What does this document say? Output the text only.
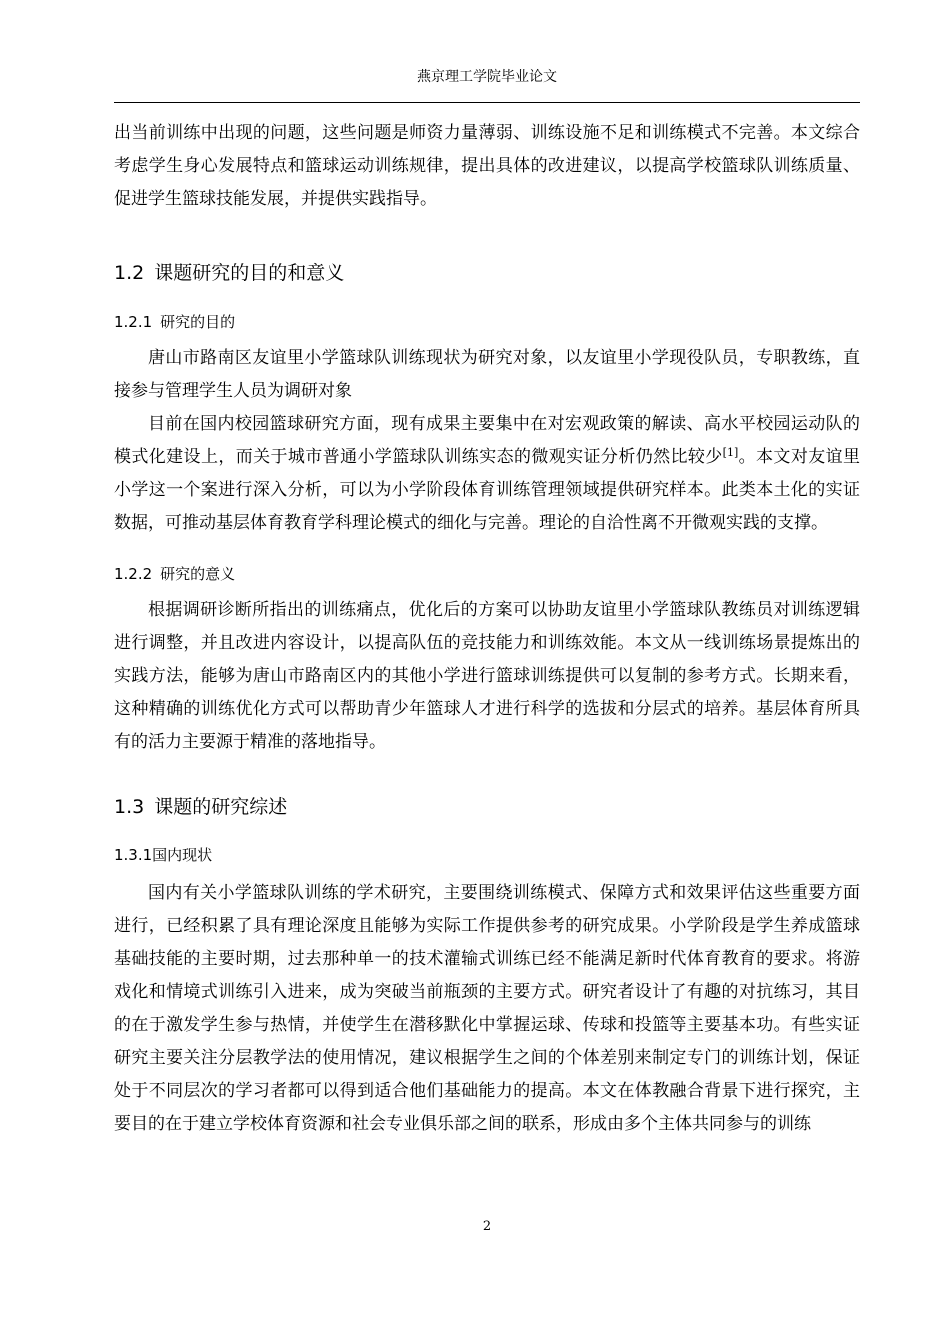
燕京理工学院毕业论文

出当前训练中出现的问题，这些问题是师资力量薄弱、训练设施不足和训练模式不完善。本文综合考虑学生身心发展特点和篮球运动训练规律，提出具体的改进建议，以提高学校篮球队训练质量、促进学生篮球技能发展，并提供实践指导。

1.2 课题研究的目的和意义
1.2.1 研究的目的

唐山市路南区友谊里小学篮球队训练现状为研究对象，以友谊里小学现役队员，专职教练，直接参与管理学生人员为调研对象

目前在国内校园篮球研究方面，现有成果主要集中在对宏观政策的解读、高水平校园运动队的模式化建设上，而关于城市普通小学篮球队训练实态的微观实证分析仍然比较少[1]。本文对友谊里小学这一个案进行深入分析，可以为小学阶段体育训练管理领域提供研究样本。此类本土化的实证数据，可推动基层体育教育学科理论模式的细化与完善。理论的自洽性离不开微观实践的支撑。

1.2.2 研究的意义

根据调研诊断所指出的训练痛点，优化后的方案可以协助友谊里小学篮球队教练员对训练逻辑进行调整，并且改进内容设计，以提高队伍的竞技能力和训练效能。本文从一线训练场景提炼出的实践方法，能够为唐山市路南区内的其他小学进行篮球训练提供可以复制的参考方式。长期来看，这种精确的训练优化方式可以帮助青少年篮球人才进行科学的选拔和分层式的培养。基层体育所具有的活力主要源于精准的落地指导。

1.3 课题的研究综述
1.3.1国内现状

国内有关小学篮球队训练的学术研究，主要围绕训练模式、保障方式和效果评估这些重要方面进行，已经积累了具有理论深度且能够为实际工作提供参考的研究成果。小学阶段是学生养成篮球基础技能的主要时期，过去那种单一的技术灌输式训练已经不能满足新时代体育教育的要求。将游戏化和情境式训练引入进来，成为突破当前瓶颈的主要方式。研究者设计了有趣的对抗练习，其目的在于激发学生参与热情，并使学生在潜移默化中掌握运球、传球和投篮等主要基本功。有些实证研究主要关注分层教学法的使用情况，建议根据学生之间的个体差别来制定专门的训练计划，保证处于不同层次的学习者都可以得到适合他们基础能力的提高。本文在体教融合背景下进行探究，主要目的在于建立学校体育资源和社会专业俱乐部之间的联系，形成由多个主体共同参与的训练

2
